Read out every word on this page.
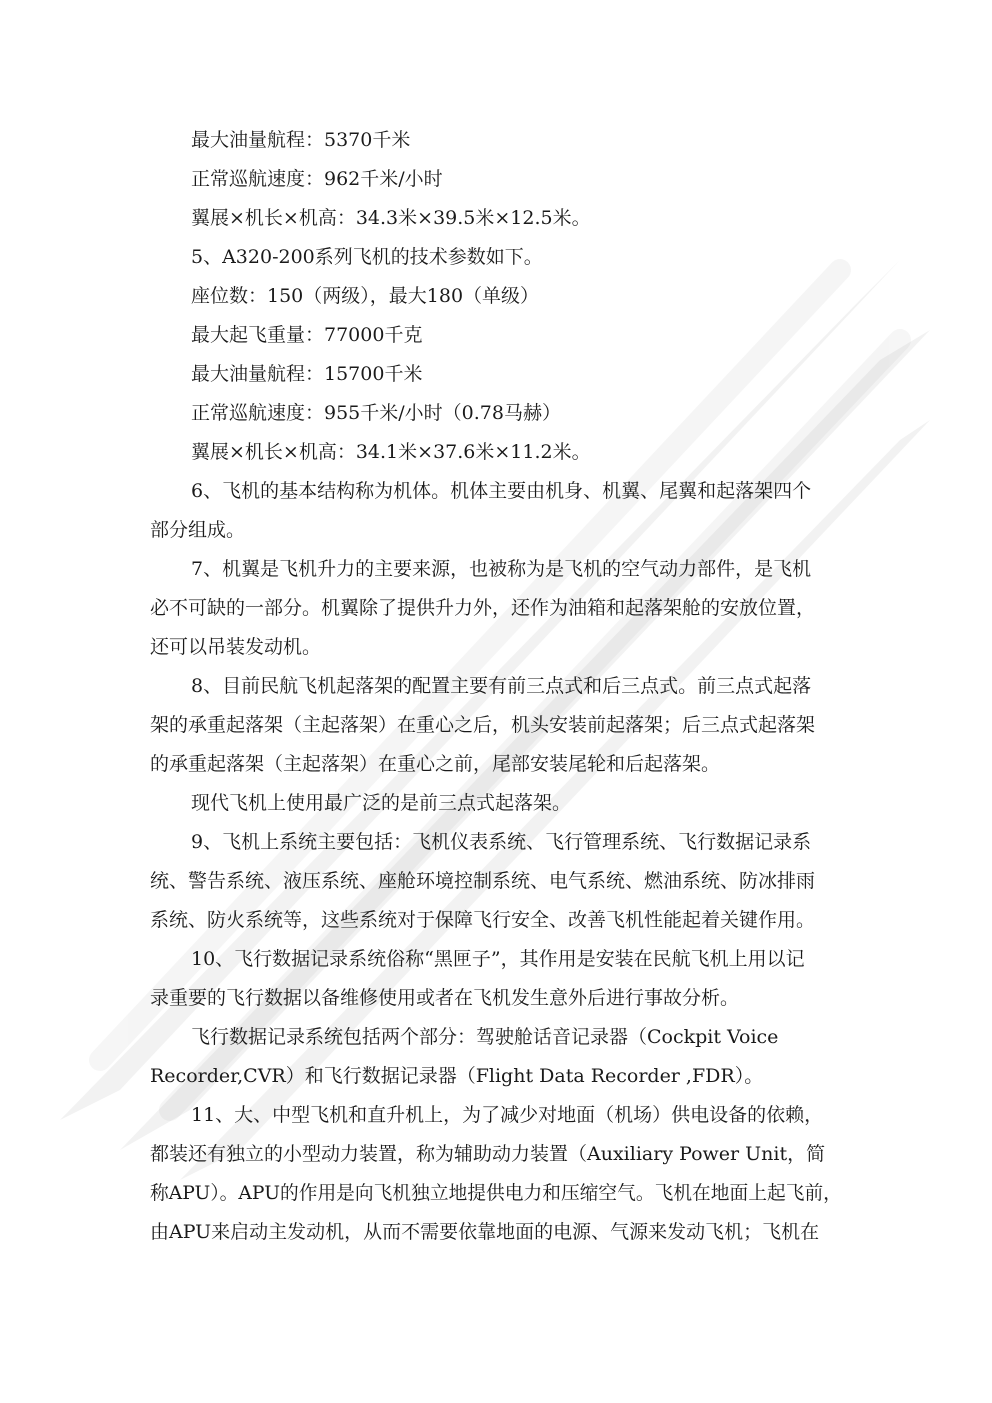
最大油量航程：5370千米
正常巡航速度：962千米/小时
翼展×机长×机高：34.3米×39.5米×12.5米。
5、A320-200系列飞机的技术参数如下。
座位数：150（两级），最大180（单级）
最大起飞重量：77000千克
最大油量航程：15700千米
正常巡航速度：955千米/小时（0.78马赫）
翼展×机长×机高：34.1米×37.6米×11.2米。
6、飞机的基本结构称为机体。机体主要由机身、机翼、尾翼和起落架四个
部分组成。
7、机翼是飞机升力的主要来源，也被称为是飞机的空气动力部件，是飞机
必不可缺的一部分。机翼除了提供升力外，还作为油箱和起落架舱的安放位置，
还可以吊装发动机。
8、目前民航飞机起落架的配置主要有前三点式和后三点式。前三点式起落
架的承重起落架（主起落架）在重心之后，机头安装前起落架；后三点式起落架
的承重起落架（主起落架）在重心之前，尾部安装尾轮和后起落架。
现代飞机上使用最广泛的是前三点式起落架。
9、飞机上系统主要包括：飞机仪表系统、飞行管理系统、飞行数据记录系
统、警告系统、液压系统、座舱环境控制系统、电气系统、燃油系统、防冰排雨
系统、防火系统等，这些系统对于保障飞行安全、改善飞机性能起着关键作用。
10、飞行数据记录系统俗称“黑匣子”，其作用是安装在民航飞机上用以记
录重要的飞行数据以备维修使用或者在飞机发生意外后进行事故分析。
飞行数据记录系统包括两个部分：驾驶舱话音记录器（Cockpit Voice
Recorder,CVR）和飞行数据记录器（Flight Data Recorder ,FDR）。
11、大、中型飞机和直升机上，为了减少对地面（机场）供电设备的依赖，
都装还有独立的小型动力装置，称为辅助动力装置（Auxiliary Power Unit，简
称APU）。APU的作用是向飞机独立地提供电力和压缩空气。飞机在地面上起飞前，
由APU来启动主发动机，从而不需要依靠地面的电源、气源来发动飞机；飞机在
